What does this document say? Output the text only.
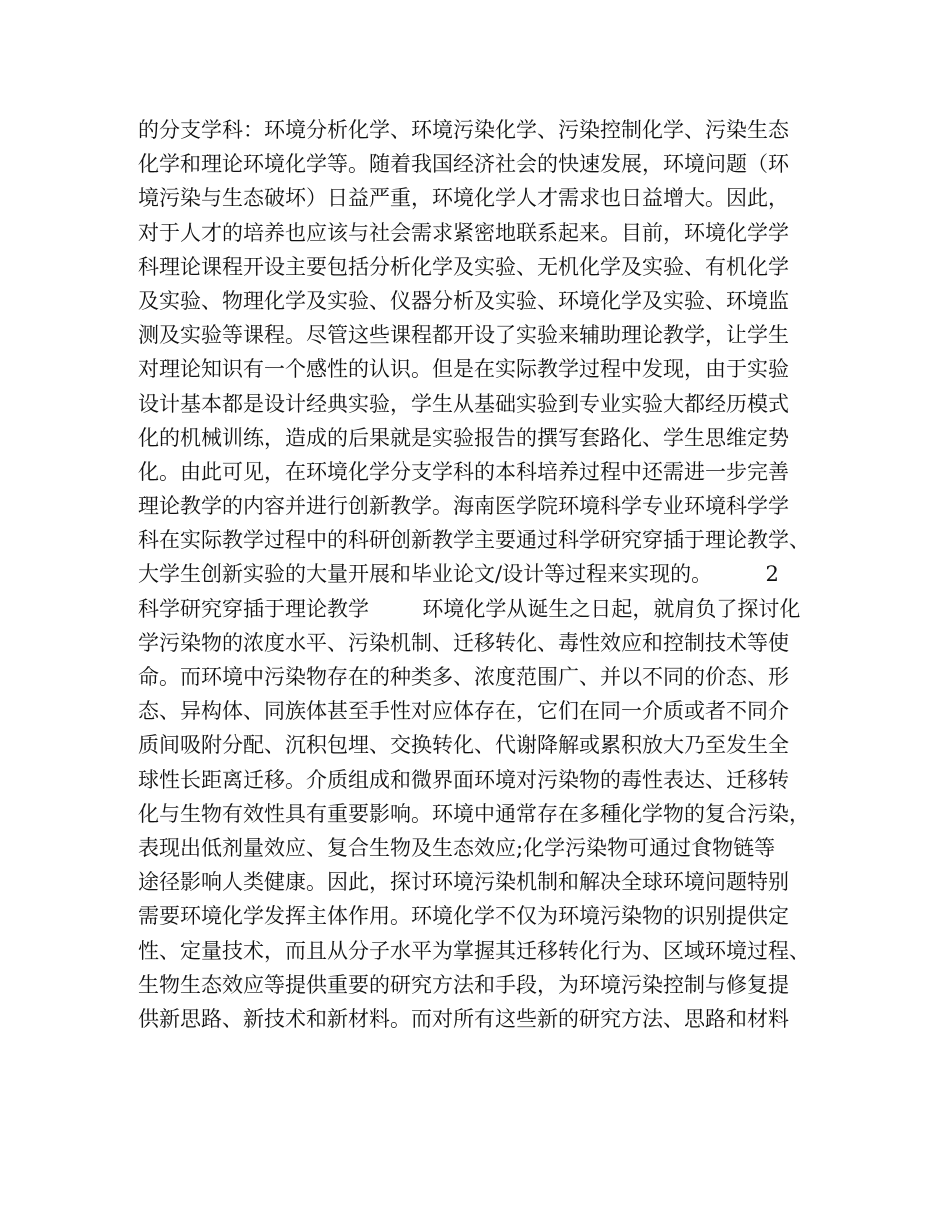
的分支学科：环境分析化学、环境污染化学、污染控制化学、污染生态
化学和理论环境化学等。随着我国经济社会的快速发展，环境问题（环
境污染与生态破坏）日益严重，环境化学人才需求也日益增大。因此，
对于人才的培养也应该与社会需求紧密地联系起来。目前，环境化学学
科理论课程开设主要包括分析化学及实验、无机化学及实验、有机化学
及实验、物理化学及实验、仪器分析及实验、环境化学及实验、环境监
测及实验等课程。尽管这些课程都开设了实验来辅助理论教学，让学生
对理论知识有一个感性的认识。但是在实际教学过程中发现，由于实验
设计基本都是设计经典实验，学生从基础实验到专业实验大都经历模式
化的机械训练，造成的后果就是实验报告的撰写套路化、学生思维定势
化。由此可见，在环境化学分支学科的本科培养过程中还需进一步完善
理论教学的内容并进行创新教学。海南医学院环境科学专业环境科学学
科在实际教学过程中的科研创新教学主要通过科学研究穿插于理论教学、
大学生创新实验的大量开展和毕业论文/设计等过程来实现的。        2
科学研究穿插于理论教学        环境化学从诞生之日起，就肩负了探讨化
学污染物的浓度水平、污染机制、迁移转化、毒性效应和控制技术等使
命。而环境中污染物存在的种类多、浓度范围广、并以不同的价态、形
态、异构体、同族体甚至手性对应体存在，它们在同一介质或者不同介
质间吸附分配、沉积包埋、交换转化、代谢降解或累积放大乃至发生全
球性长距离迁移。介质组成和微界面环境对污染物的毒性表达、迁移转
化与生物有效性具有重要影响。环境中通常存在多種化学物的复合污染，
表现出低剂量效应、复合生物及生态效应;化学污染物可通过食物链等
途径影响人类健康。因此，探讨环境污染机制和解决全球环境问题特别
需要环境化学发挥主体作用。环境化学不仅为环境污染物的识别提供定
性、定量技术，而且从分子水平为掌握其迁移转化行为、区域环境过程、
生物生态效应等提供重要的研究方法和手段，为环境污染控制与修复提
供新思路、新技术和新材料。而对所有这些新的研究方法、思路和材料
